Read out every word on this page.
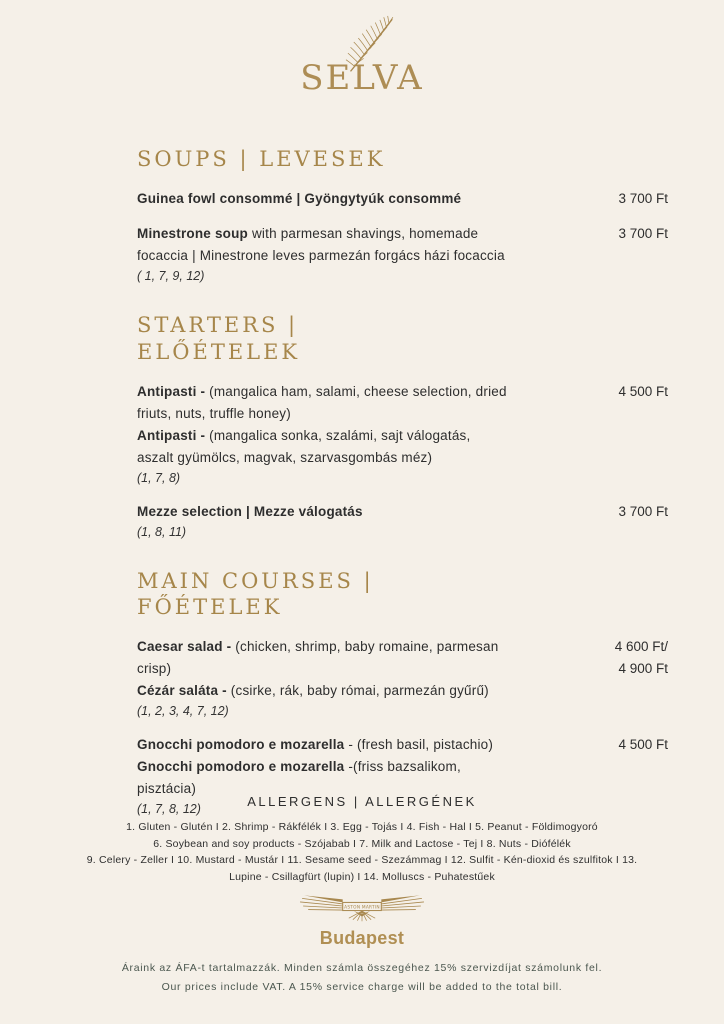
SELVA
SOUPS | LEVESEK

Guinea fowl consommé | Gyöngytyúk consommé	3 700 Ft

Minestrone soup with parmesan shavings, homemade focaccia | Minestrone leves parmezán forgács házi focaccia

( 1, 7, 9, 12)

3 700 Ft
STARTERS |
ELŐÉTELEK

Antipasti - (mangalica ham, salami, cheese selection, dried friuts, nuts, truffle honey)

Antipasti - (mangalica sonka, szalámi, sajt válogatás, aszalt gyümölcs, magvak, szarvasgombás méz)

(1, 7, 8)

4 500 Ft

Mezze selection | Mezze válogatás

(1, 8, 11)

3 700 Ft
MAIN COURSES |
FŐÉTELEK

Caesar salad - (chicken, shrimp, baby romaine, parmesan crisp)

Cézár saláta - (csirke, rák, baby római, parmezán gyűrű)

(1, 2, 3, 4, 7, 12)

4 600 Ft/
4 900 Ft

Gnocchi pomodoro e mozarella - (fresh basil, pistachio)

Gnocchi pomodoro e mozarella -(friss bazsalikom, pisztácia)

(1, 7, 8, 12)

4 500 Ft
ALLERGENS | ALLERGÉNEK

1. Gluten - Glutén I 2. Shrimp - Rákfélék I 3. Egg - Tojás I 4. Fish - Hal I 5. Peanut - Földimogyoró

6. Soybean and soy products - Szójabab I 7. Milk and Lactose - Tej I 8. Nuts - Diófélék

9. Celery - Zeller I 10. Mustard - Mustár I 11. Sesame seed - Szezámmag I 12. Sulfit - Kén-dioxid és szulfitok I 13.

Lupine - Csillagfürt (lupin) I 14. Molluscs - Puhatestűek

ASTON MARTIN

Budapest

Áraink az ÁFA-t tartalmazzák. Minden számla összegéhez 15% szervizdíjat számolunk fel.

Our prices include VAT. A 15% service charge will be added to the total bill.
